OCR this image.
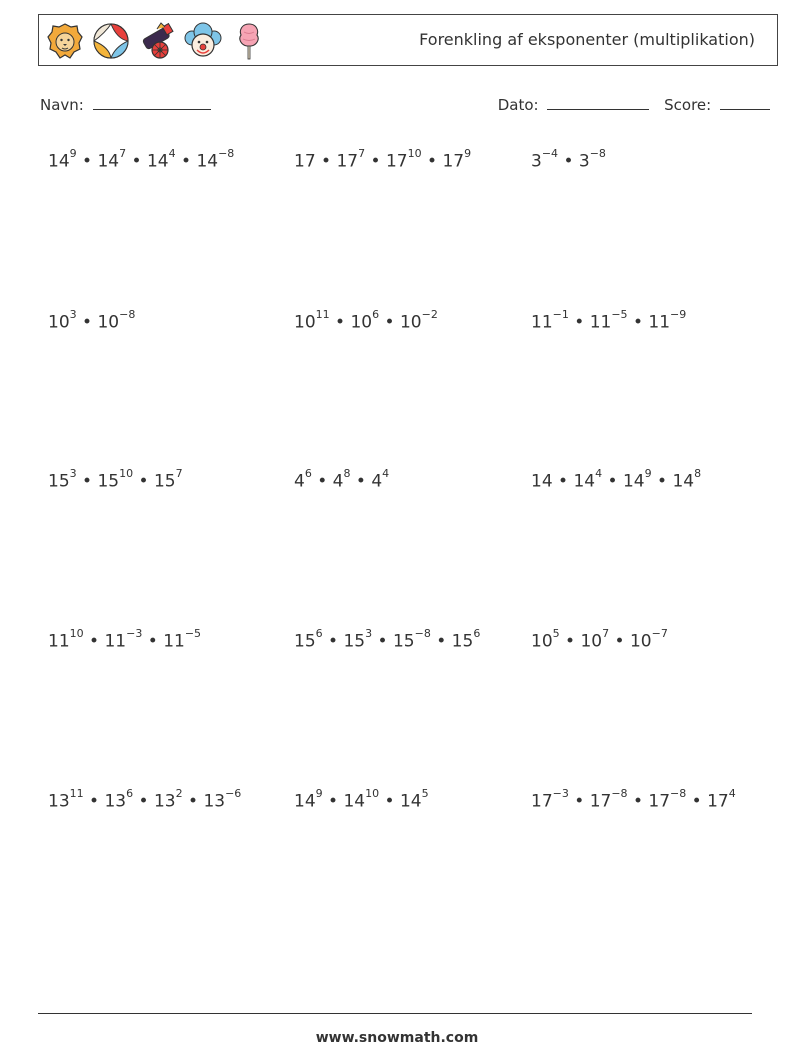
Forenkling af eksponenter (multiplikation)
Navn:	Dato:	Score:
$14^9$ • $14^7$ • $14^4$ • $14^{-8}$	17 • $17^7$ • $17^{10}$ • $17^9$	$3^{-4}$ • $3^{-8}$
$10^3$ • $10^{-8}$	$10^{11}$ • $10^6$ • $10^{-2}$	$11^{-1}$ • $11^{-5}$ • $11^{-9}$
$15^3$ • $15^{10}$ • $15^7$	$4^6$ • $4^8$ • $4^4$	14 • $14^4$ • $14^9$ • $14^8$
$11^{10}$ • $11^{-3}$ • $11^{-5}$	$15^6$ • $15^3$ • $15^{-8}$ • $15^6$	$10^5$ • $10^7$ • $10^{-7}$
$13^{11}$ • $13^6$ • $13^2$ • $13^{-6}$	$14^9$ • $14^{10}$ • $14^5$	$17^{-3}$ • $17^{-8}$ • $17^{-8}$ • $17^4$
www.snowmath.com
